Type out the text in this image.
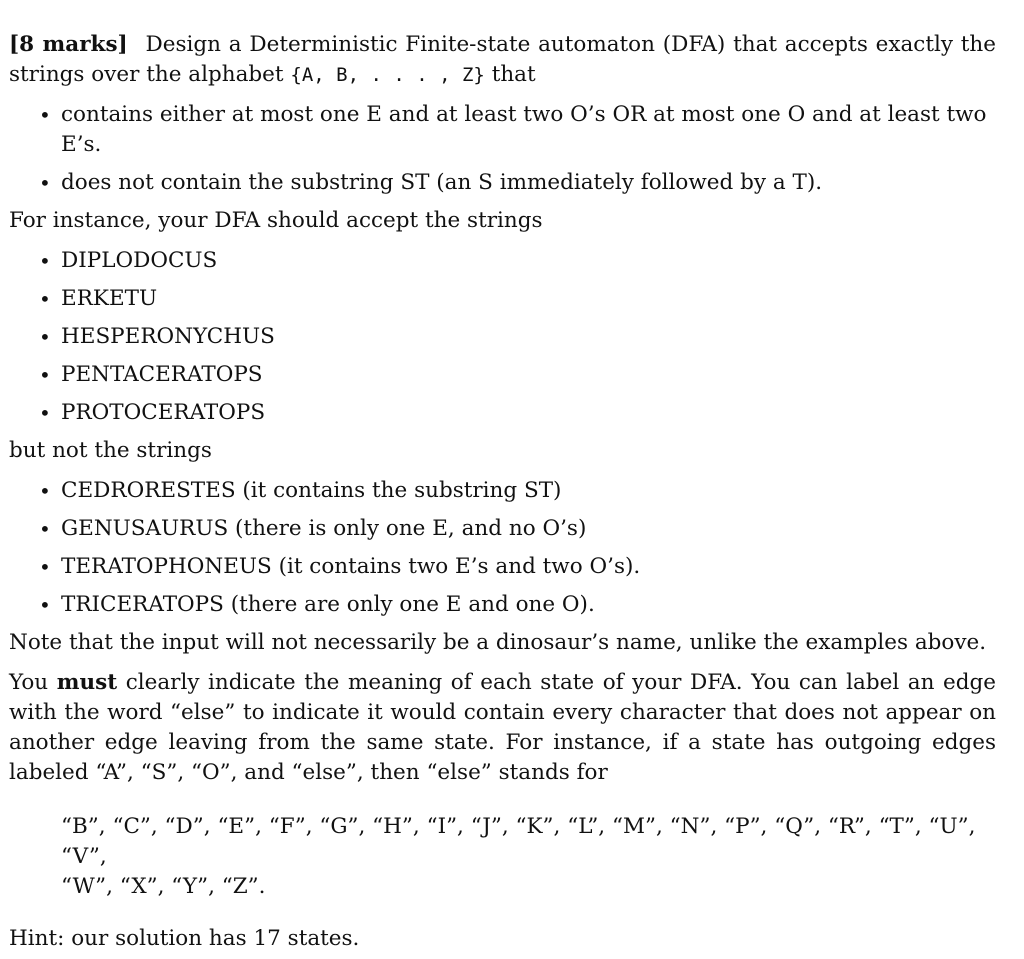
[8 marks] Design a Deterministic Finite-state automaton (DFA) that accepts exactly the strings over the alphabet {A, B, . . . , Z} that

• contains either at most one E and at least two O’s OR at most one O and at least two E’s.
• does not contain the substring ST (an S immediately followed by a T).

For instance, your DFA should accept the strings

• DIPLODOCUS
• ERKETU
• HESPERONYCHUS
• PENTACERATOPS
• PROTOCERATOPS

but not the strings

• CEDRORESTES (it contains the substring ST)
• GENUSAURUS (there is only one E, and no O’s)
• TERATOPHONEUS (it contains two E’s and two O’s).
• TRICERATOPS (there are only one E and one O).

Note that the input will not necessarily be a dinosaur’s name, unlike the examples above.

You must clearly indicate the meaning of each state of your DFA. You can label an edge with the word “else” to indicate it would contain every character that does not appear on another edge leaving from the same state. For instance, if a state has outgoing edges labeled “A”, “S”, “O”, and “else”, then “else” stands for

“B”, “C”, “D”, “E”, “F”, “G”, “H”, “I”, “J”, “K”, “L”, “M”, “N”, “P”, “Q”, “R”, “T”, “U”, “V”,
“W”, “X”, “Y”, “Z”.

Hint: our solution has 17 states.
